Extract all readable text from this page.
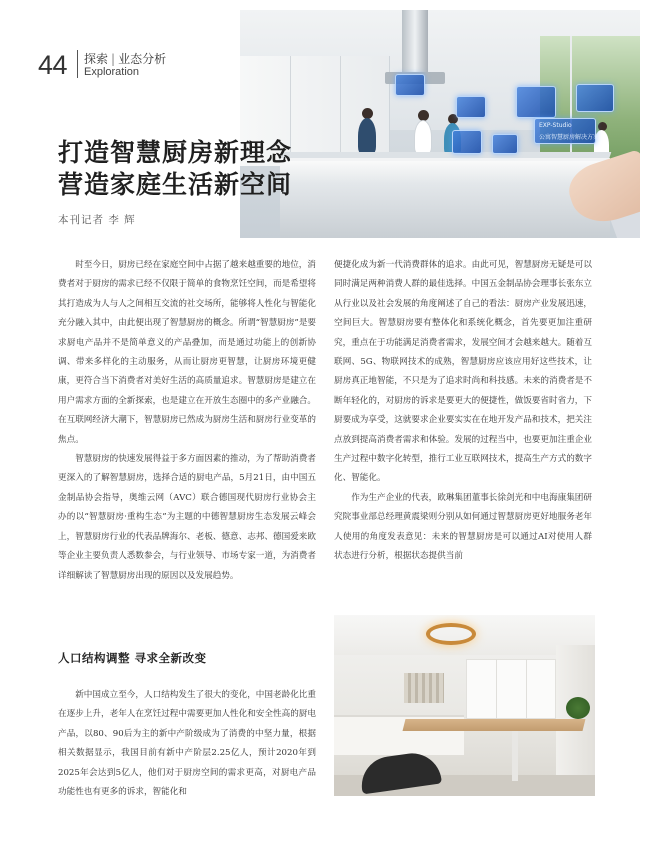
44 探索 | 业态分析
Exploration
EXP-Studio
公寓智慧厨房解决方案
打造智慧厨房新理念
营造家庭生活新空间
本刊记者 李 辉

时至今日，厨房已经在家庭空间中占据了越来越重要的地位，消费者对于厨房的需求已经不仅限于简单的食物烹饪空间，而是希望将其打造成为人与人之间相互交流的社交场所，能够将人性化与智能化充分融入其中，由此便出现了智慧厨房的概念。所谓“智慧厨房”是要求厨电产品并不是简单意义的产品叠加，而是通过功能上的创新协调、带来多样化的主动服务，从而让厨房更智慧，让厨房环境更健康，更符合当下消费者对美好生活的高质量追求。智慧厨房是建立在用户需求方面的全新探索，也是建立在开放生态圈中的多产业融合。在互联网经济大潮下，智慧厨房已然成为厨房生活和厨房行业变革的焦点。

智慧厨房的快速发展得益于多方面因素的推动，为了帮助消费者更深入的了解智慧厨房，选择合适的厨电产品，5月21日，由中国五金制品协会指导，奥维云网（AVC）联合德国现代厨房行业协会主办的以“智慧厨房·重构生态”为主题的中德智慧厨房生态发展云峰会上，智慧厨房行业的代表品牌海尔、老板、德意、志邦、德国爱来欧等企业主要负责人悉数参会，与行业领导、市场专家一道，为消费者详细解读了智慧厨房出现的原因以及发展趋势。

人口结构调整 寻求全新改变

新中国成立至今，人口结构发生了很大的变化，中国老龄化比重在逐步上升，老年人在烹饪过程中需要更加人性化和安全性高的厨电产品，以80、90后为主的新中产阶级成为了消费的中坚力量，根据相关数据显示，我国目前有新中产阶层2.25亿人，预计2020年到2025年会达到5亿人，他们对于厨房空间的需求更高，对厨电产品功能性也有更多的诉求，智能化和

便捷化成为新一代消费群体的追求。由此可见，智慧厨房无疑是可以同时满足两种消费人群的最佳选择。中国五金制品协会理事长张东立从行业以及社会发展的角度阐述了自己的看法：厨房产业发展迅速，空间巨大。智慧厨房要有整体化和系统化概念，首先要更加注重研究，重点在于功能满足消费者需求，发展空间才会越来越大。随着互联网、5G、物联网技术的成熟，智慧厨房应该应用好这些技术，让厨房真正地智能，不只是为了追求时尚和科技感。未来的消费者是不断年轻化的，对厨房的诉求是要更大的便捷性，做饭要省时省力，下厨要成为享受，这就要求企业要实实在在地开发产品和技术，把关注点放到提高消费者需求和体验。发展的过程当中，也要更加注重企业生产过程中数字化转型，推行工业互联网技术，提高生产方式的数字化、智能化。

作为生产企业的代表，欧琳集团董事长徐剑光和中电海康集团研究院事业部总经理黄震梁则分别从如何通过智慧厨房更好地服务老年人使用的角度发表意见：未来的智慧厨房是可以通过AI对使用人群状态进行分析，根据状态提供当前
